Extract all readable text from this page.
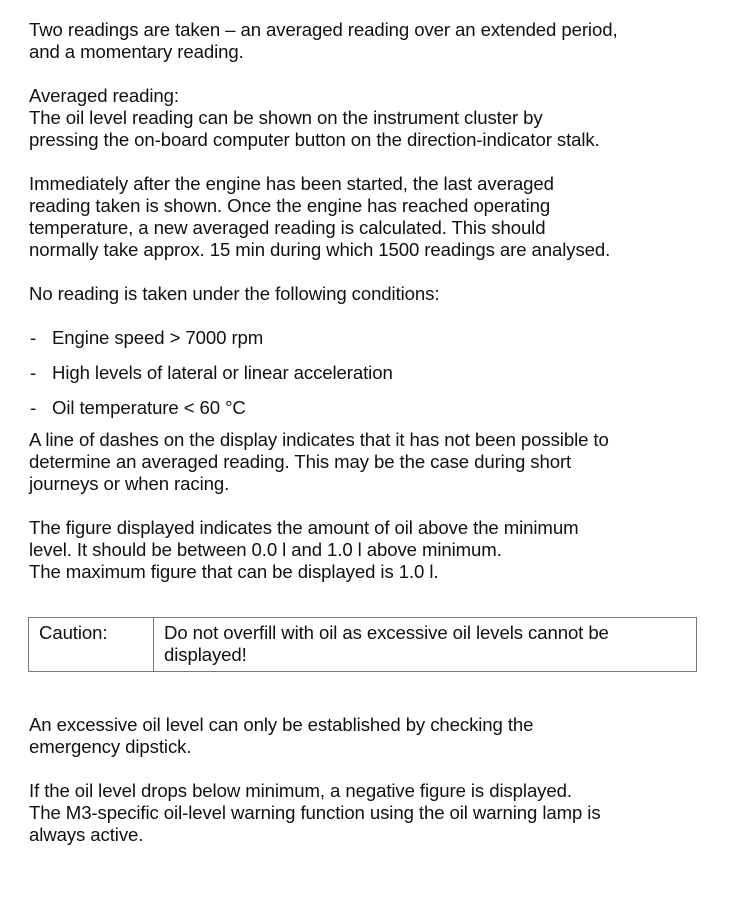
Two readings are taken – an averaged reading over an extended period,
and a momentary reading.

Averaged reading:
The oil level reading can be shown on the instrument cluster by
pressing the on-board computer button on the direction-indicator stalk.

Immediately after the engine has been started, the last averaged
reading taken is shown. Once the engine has reached operating
temperature, a new averaged reading is calculated. This should
normally take approx. 15 min during which 1500 readings are analysed.

No reading is taken under the following conditions:

- Engine speed > 7000 rpm
- High levels of lateral or linear acceleration
- Oil temperature < 60 °C

A line of dashes on the display indicates that it has not been possible to
determine an averaged reading. This may be the case during short
journeys or when racing.

The figure displayed indicates the amount of oil above the minimum
level. It should be between 0.0 l and 1.0 l above minimum.
The maximum figure that can be displayed is 1.0 l.

Caution:	Do not overfill with oil as excessive oil levels cannot be
displayed!

An excessive oil level can only be established by checking the
emergency dipstick.

If the oil level drops below minimum, a negative figure is displayed.
The M3-specific oil-level warning function using the oil warning lamp is
always active.
